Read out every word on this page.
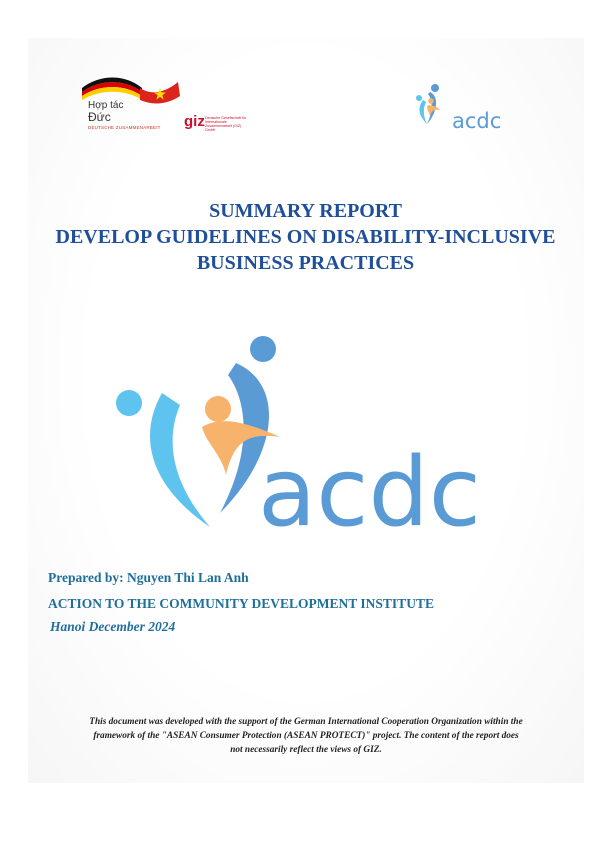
Hợp tác
Đức
DEUTSCHE ZUSAMMENARBEIT giz Deutsche Gesellschaft für Internationale Zusammenarbeit (GIZ) GmbH	acdc
SUMMARY REPORT
DEVELOP GUIDELINES ON DISABILITY-INCLUSIVE
BUSINESS PRACTICES
acdc
Prepared by: Nguyen Thi Lan Anh
ACTION TO THE COMMUNITY DEVELOPMENT INSTITUTE
Hanoi December 2024
This document was developed with the support of the German International Cooperation Organization within the
framework of the "ASEAN Consumer Protection (ASEAN PROTECT)" project. The content of the report does
not necessarily reflect the views of GIZ.
